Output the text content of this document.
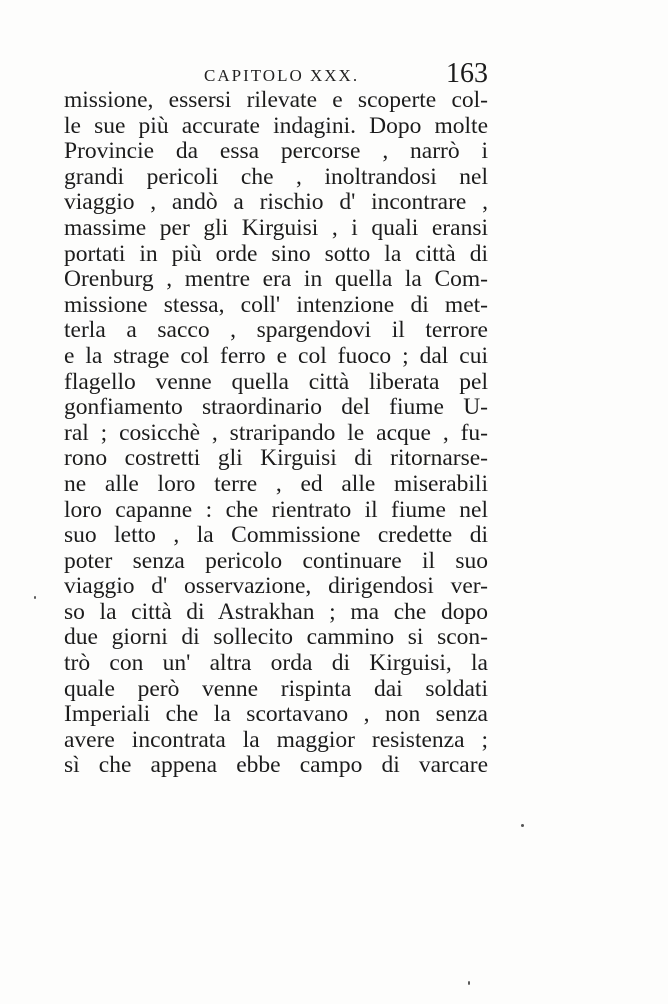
CAPITOLO XXX.	163
missione, essersi rilevate e scoperte col-
le sue più accurate indagini. Dopo molte
Provincie da essa percorse , narrò i
grandi pericoli che , inoltrandosi nel
viaggio , andò a rischio d' incontrare ,
massime per gli Kirguisi , i quali eransi
portati in più orde sino sotto la città di
Orenburg , mentre era in quella la Com-
missione stessa, coll' intenzione di met-
terla a sacco , spargendovi il terrore
e la strage col ferro e col fuoco ; dal cui
flagello venne quella città liberata pel
gonfiamento straordinario del fiume U-
ral ; cosicchè , straripando le acque , fu-
rono costretti gli Kirguisi di ritornarse-
ne alle loro terre , ed alle miserabili
loro capanne : che rientrato il fiume nel
suo letto , la Commissione credette di
poter senza pericolo continuare il suo
viaggio d' osservazione, dirigendosi ver-
so la città di Astrakhan ; ma che dopo
due giorni di sollecito cammino si scon-
trò con un' altra orda di Kirguisi, la
quale però venne rispinta dai soldati
Imperiali che la scortavano , non senza
avere incontrata la maggior resistenza ;
sì che appena ebbe campo di varcare
